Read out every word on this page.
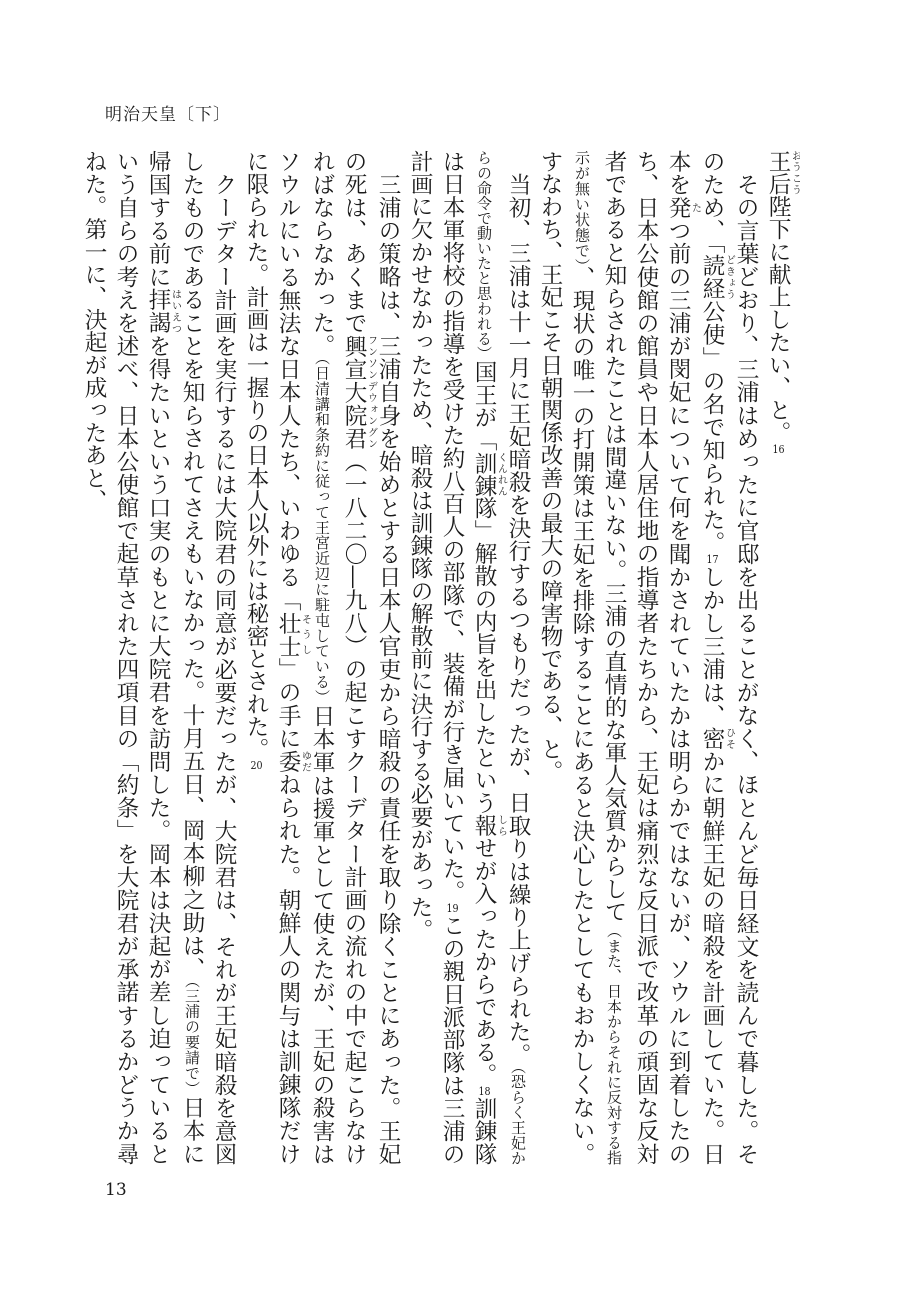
明治天皇〔下〕

王后おうこう陛下に献上したい、と。16

その言葉どおり、三浦はめったに官邸を出ることがなく、ほとんど毎日経文を読んで暮した。そのため、「読経どきょう公使」の名で知られた。17しかし三浦は、密ひそかに朝鮮王妃の暗殺を計画していた。日本を発たつ前の三浦が閔妃について何を聞かされていたかは明らかではないが、ソウルに到着したのち、日本公使館の館員や日本人居住地の指導者たちから、王妃は痛烈な反日派で改革の頑固な反対者であると知らされたことは間違いない。三浦の直情的な軍人気質からして（また、日本からそれに反対する指示が無い状態で）、現状の唯一の打開策は王妃を排除することにあると決心したとしてもおかしくない。すなわち、王妃こそ日朝関係改善の最大の障害物である、と。

当初、三浦は十一月に王妃暗殺を決行するつもりだったが、日取りは繰り上げられた。（恐らく王妃からの命令で動いたと思われる）国王が「訓錬くんれん隊」解散の内旨を出したという報しらせが入ったからである。18訓錬隊は日本軍将校の指導を受けた約八百人の部隊で、装備が行き届いていた。19この親日派部隊は三浦の計画に欠かせなかったため、暗殺は訓錬隊の解散前に決行する必要があった。

三浦の策略は、三浦自身を始めとする日本人官吏から暗殺の責任を取り除くことにあった。王妃の死は、あくまで興宣大院君フンソンデウォングン（一八二〇―九八）の起こすクーデター計画の流れの中で起こらなければならなかった。（日清講和条約に従って王宮近辺に駐屯している）日本軍は援軍として使えたが、王妃の殺害はソウルにいる無法な日本人たち、いわゆる「壮士そうし」の手に委ゆだねられた。朝鮮人の関与は訓錬隊だけに限られた。計画は一握りの日本人以外には秘密とされた。20

クーデター計画を実行するには大院君の同意が必要だったが、大院君は、それが王妃暗殺を意図したものであることを知らされてさえもいなかった。十月五日、岡本柳之助は、（三浦の要請で）日本に帰国する前に拝謁はいえつを得たいという口実のもとに大院君を訪問した。岡本は決起が差し迫っているという自らの考えを述べ、日本公使館で起草された四項目の「約条」を大院君が承諾するかどうか尋ねた。第一に、決起が成ったあと、

13
